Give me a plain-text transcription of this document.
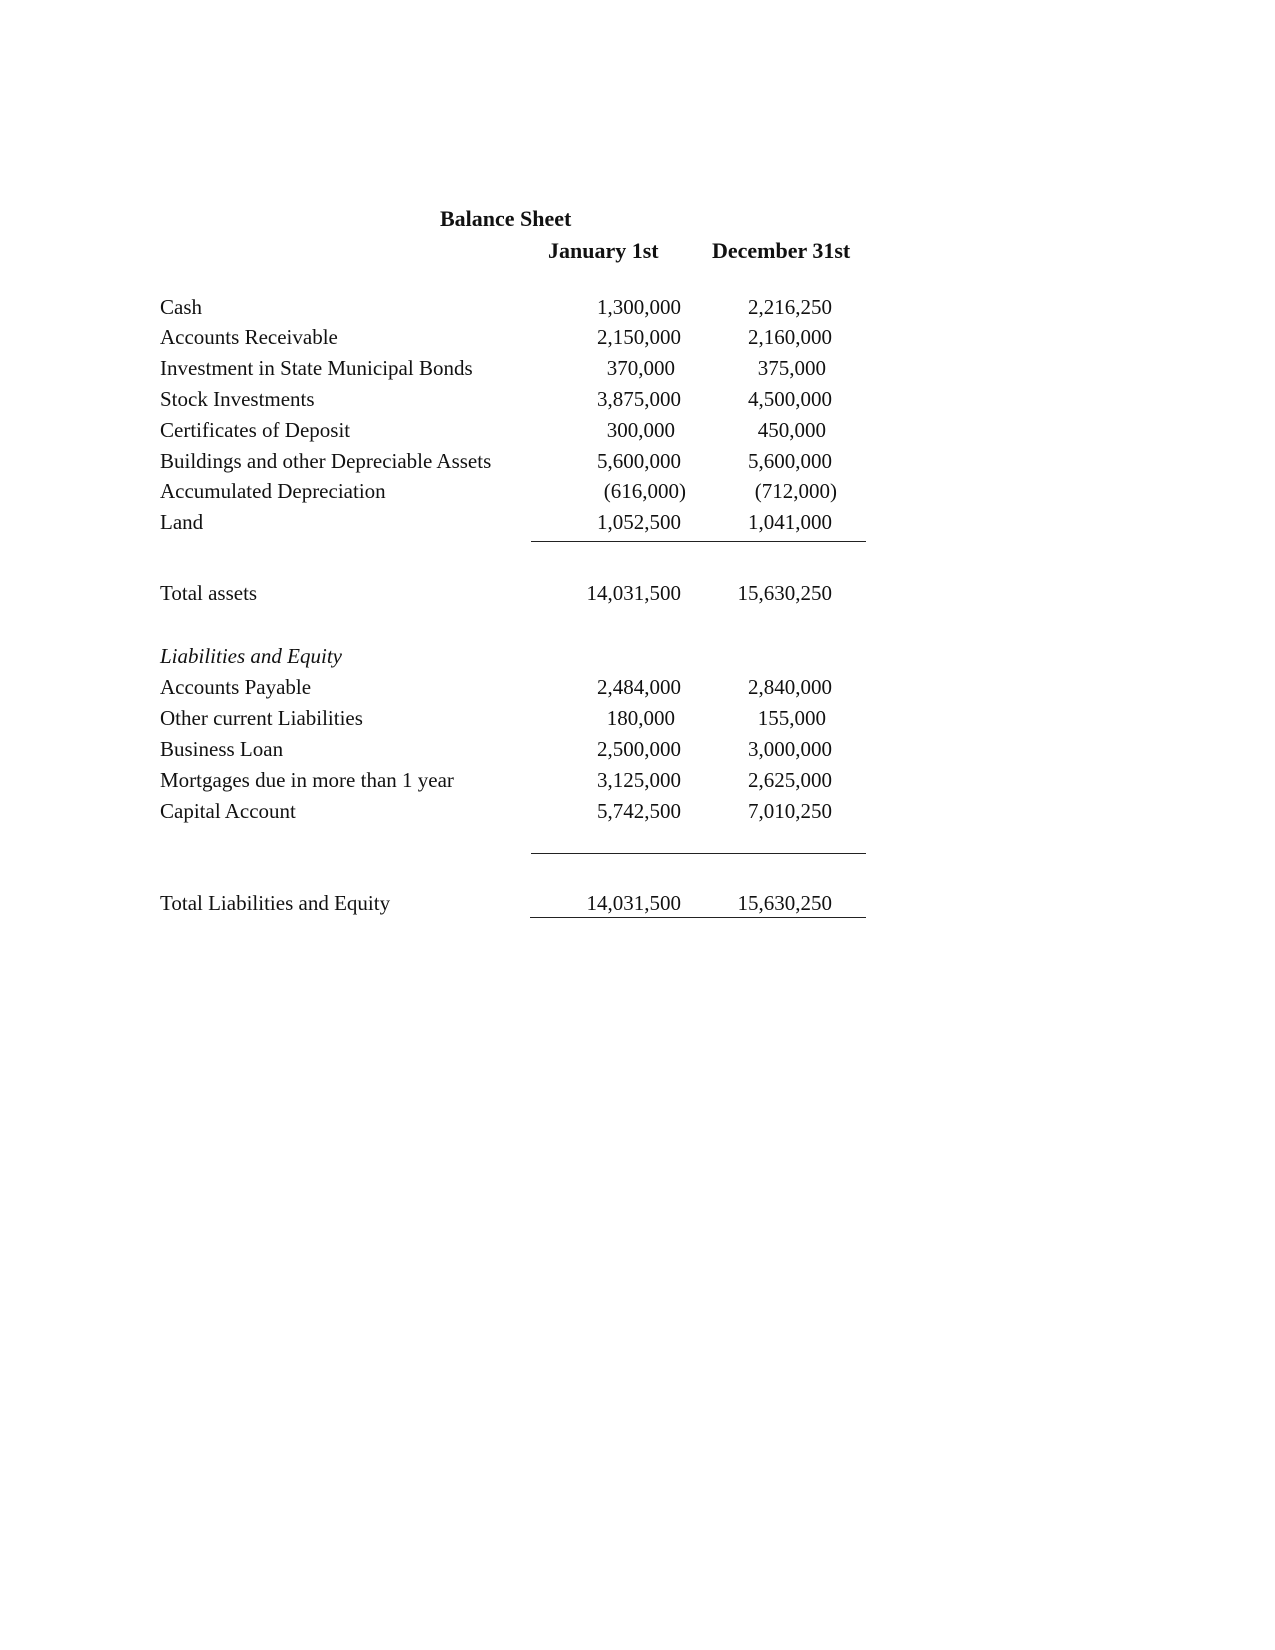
Balance Sheet
January 1st December 31st
Cash	1,300,000	2,216,250
Accounts Receivable	2,150,000	2,160,000
Investment in State Municipal Bonds	370,000	375,000
Stock Investments	3,875,000	4,500,000
Certificates of Deposit	300,000	450,000
Buildings and other Depreciable Assets	5,600,000	5,600,000
Accumulated Depreciation	(616,000)	(712,000)
Land	1,052,500	1,041,000
Total assets	14,031,500	15,630,250
Liabilities and Equity
Accounts Payable	2,484,000	2,840,000
Other current Liabilities	180,000	155,000
Business Loan	2,500,000	3,000,000
Mortgages due in more than 1 year	3,125,000	2,625,000
Capital Account	5,742,500	7,010,250
Total Liabilities and Equity	14,031,500	15,630,250
